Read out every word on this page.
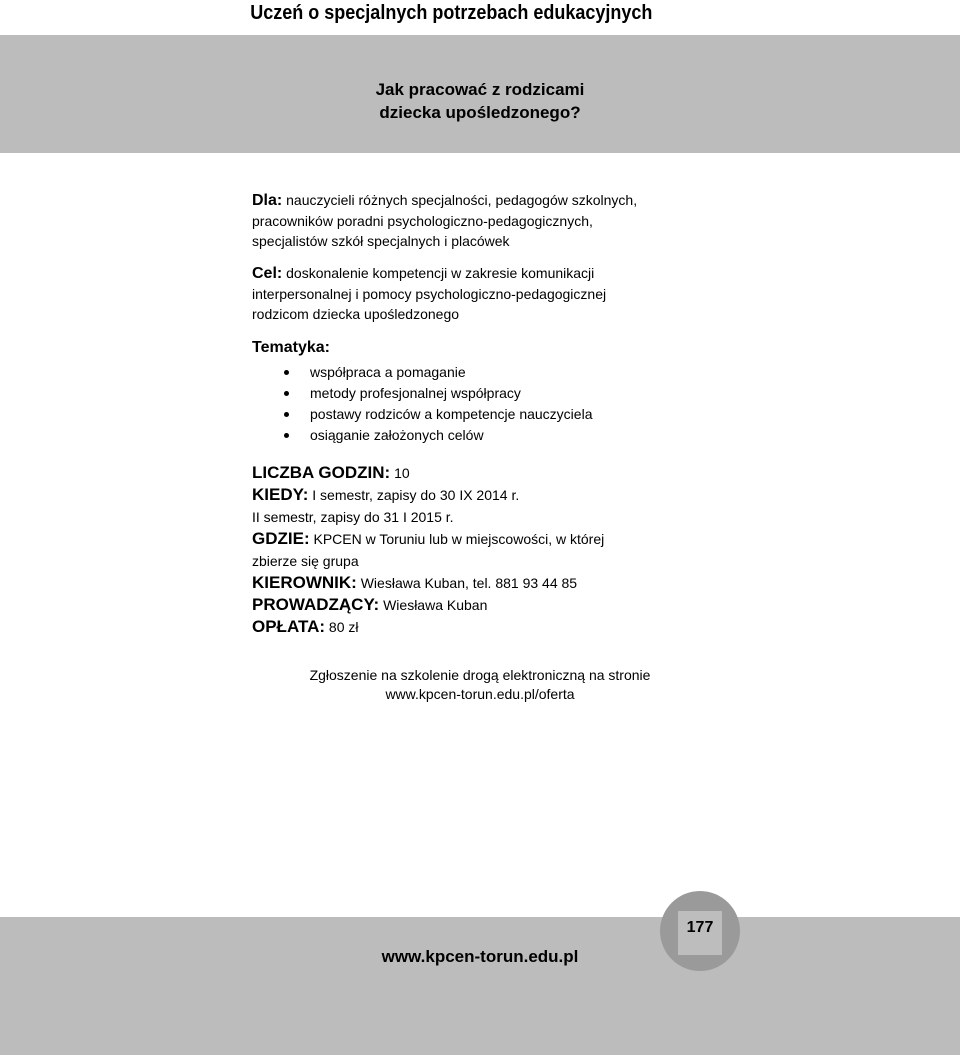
Uczeń o specjalnych potrzebach edukacyjnych
Jak pracować z rodzicami
dziecka upośledzonego?

Dla: nauczycieli różnych specjalności, pedagogów szkolnych,

pracowników poradni psychologiczno-pedagogicznych,

specjalistów szkół specjalnych i placówek

Cel: doskonalenie kompetencji w zakresie komunikacji

interpersonalnej i pomocy psychologiczno-pedagogicznej

rodzicom dziecka upośledzonego

Tematyka:

współpraca a pomaganie
metody profesjonalnej współpracy
postawy rodziców a kompetencje nauczyciela
osiąganie założonych celów

LICZBA GODZIN: 10

KIEDY: I semestr, zapisy do 30 IX 2014 r.

II semestr, zapisy do 31 I 2015 r.

GDZIE: KPCEN w Toruniu lub w miejscowości, w której

zbierze się grupa

KIEROWNIK: Wiesława Kuban, tel. 881 93 44 85

PROWADZĄCY: Wiesława Kuban

OPŁATA: 80 zł

Zgłoszenie na szkolenie drogą elektroniczną na stronie
www.kpcen-torun.edu.pl/oferta
www.kpcen-torun.edu.pl
177
